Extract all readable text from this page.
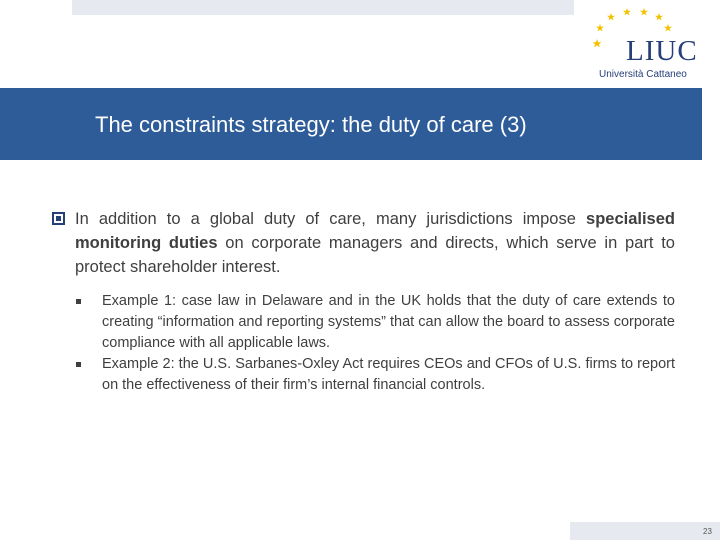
LIUC
Università Cattaneo
The constraints strategy: the duty of care (3)
In addition to a global duty of care, many jurisdictions impose specialised monitoring duties on corporate managers and directs, which serve in part to protect shareholder interest.
Example 1: case law in Delaware and in the UK holds that the duty of care extends to creating “information and reporting systems” that can allow the board to assess corporate compliance with all applicable laws.
Example 2: the U.S. Sarbanes-Oxley Act requires CEOs and CFOs of U.S. firms to report on the effectiveness of their firm’s internal financial controls.
23
